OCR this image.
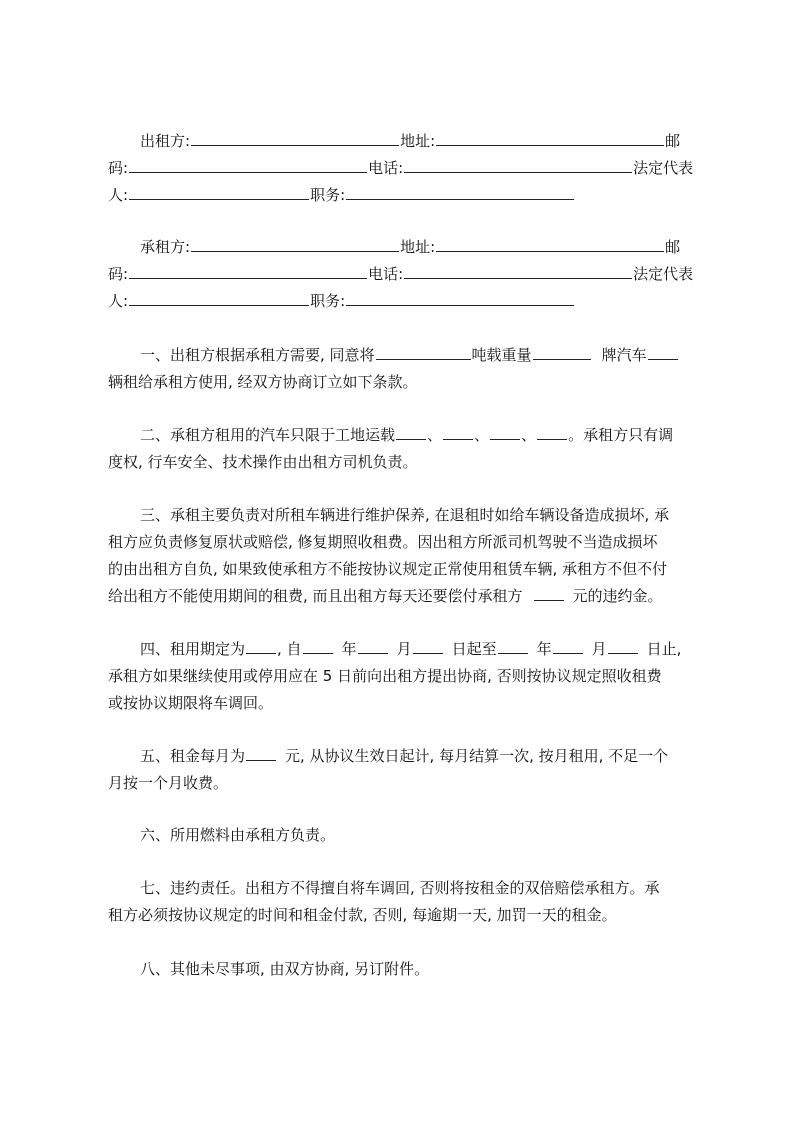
出租方:	地址:	邮
码:	电话:	法定代表
人:	职务:
承租方:	地址:	邮
码:	电话:	法定代表
人:	职务:
一、出租方根据承租方需要, 同意将	吨载重量	牌汽车
辆租给承租方使用, 经双方协商订立如下条款。
二、承租方租用的汽车只限于工地运载 、 、 、 。承租方只有调
度权, 行车安全、技术操作由出租方司机负责。
三、承租主要负责对所租车辆进行维护保养, 在退租时如给车辆设备造成损坏, 承
租方应负责修复原状或赔偿, 修复期照收租费。因出租方所派司机驾驶不当造成损坏
的由出租方自负, 如果致使承租方不能按协议规定正常使用租赁车辆, 承租方不但不付
给出租方不能使用期间的租费, 而且出租方每天还要偿付承租方	元的违约金。
四、租用期定为 , 自	年	月	日起至	年	月	日止,
承租方如果继续使用或停用应在 5 日前向出租方提出协商, 否则按协议规定照收租费
或按协议期限将车调回。
五、租金每月为	元, 从协议生效日起计, 每月结算一次, 按月租用, 不足一个
月按一个月收费。
六、所用燃料由承租方负责。
七、违约责任。出租方不得擅自将车调回, 否则将按租金的双倍赔偿承租方。承
租方必须按协议规定的时间和租金付款, 否则, 每逾期一天, 加罚一天的租金。
八、其他未尽事项, 由双方协商, 另订附件。
